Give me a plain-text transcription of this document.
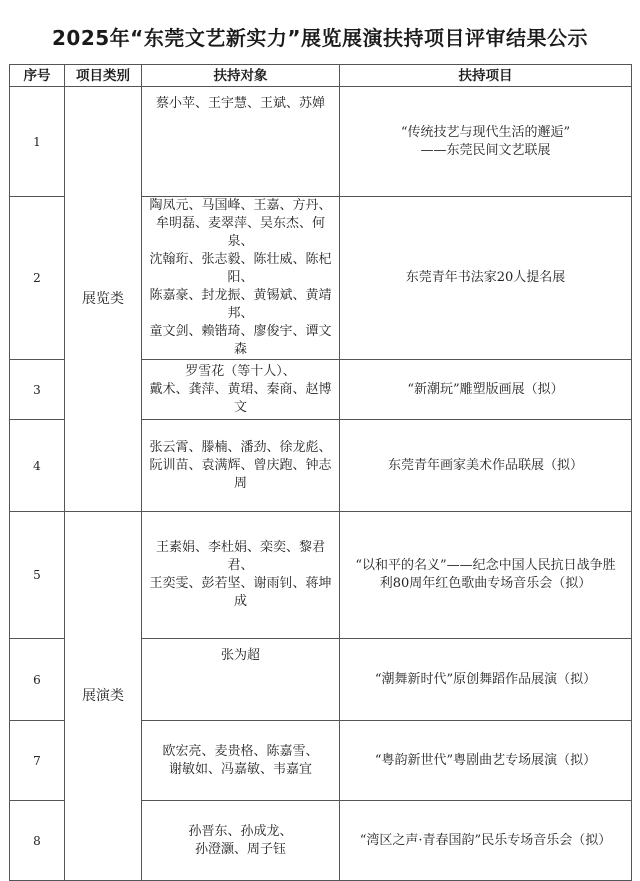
2025年“东莞文艺新实力”展览展演扶持项目评审结果公示
序号	项目类别	扶持对象	扶持项目
1	展览类	蔡小苹、王宇慧、王斌、苏婵	“传统技艺与现代生活的邂逅”
——东莞民间文艺联展
2		陶凤元、马国峰、王嘉、方丹、
牟明磊、麦翠萍、吴东杰、何泉、
沈翰珩、张志毅、陈壮威、陈杞阳、
陈嘉豪、封龙振、黄锡斌、黄靖邦、
童文剑、赖锴琦、廖俊宇、谭文森	东莞青年书法家20人提名展
3		罗雪花（等十人）、
戴术、龚萍、黄珺、秦商、赵博文	“新潮玩”雕塑版画展（拟）
4		张云霄、滕楠、潘劲、徐龙彪、
阮训苗、袁满辉、曾庆跑、钟志周	东莞青年画家美术作品联展（拟）
5	展演类	王素娟、李杜娟、栾奕、黎君君、
王奕雯、彭若坚、谢雨钊、蒋坤成	“以和平的名义”——纪念中国人民抗日战争胜
利80周年红色歌曲专场音乐会（拟）
6		张为超	“潮舞新时代”原创舞蹈作品展演（拟）
7		欧宏亮、麦贵格、陈嘉雪、
谢敏如、冯嘉敏、韦嘉宜	“粤韵新世代”粤剧曲艺专场展演（拟）
8		孙晋东、孙成龙、
孙澄灏、周子钰	“湾区之声·青春国韵”民乐专场音乐会（拟）
